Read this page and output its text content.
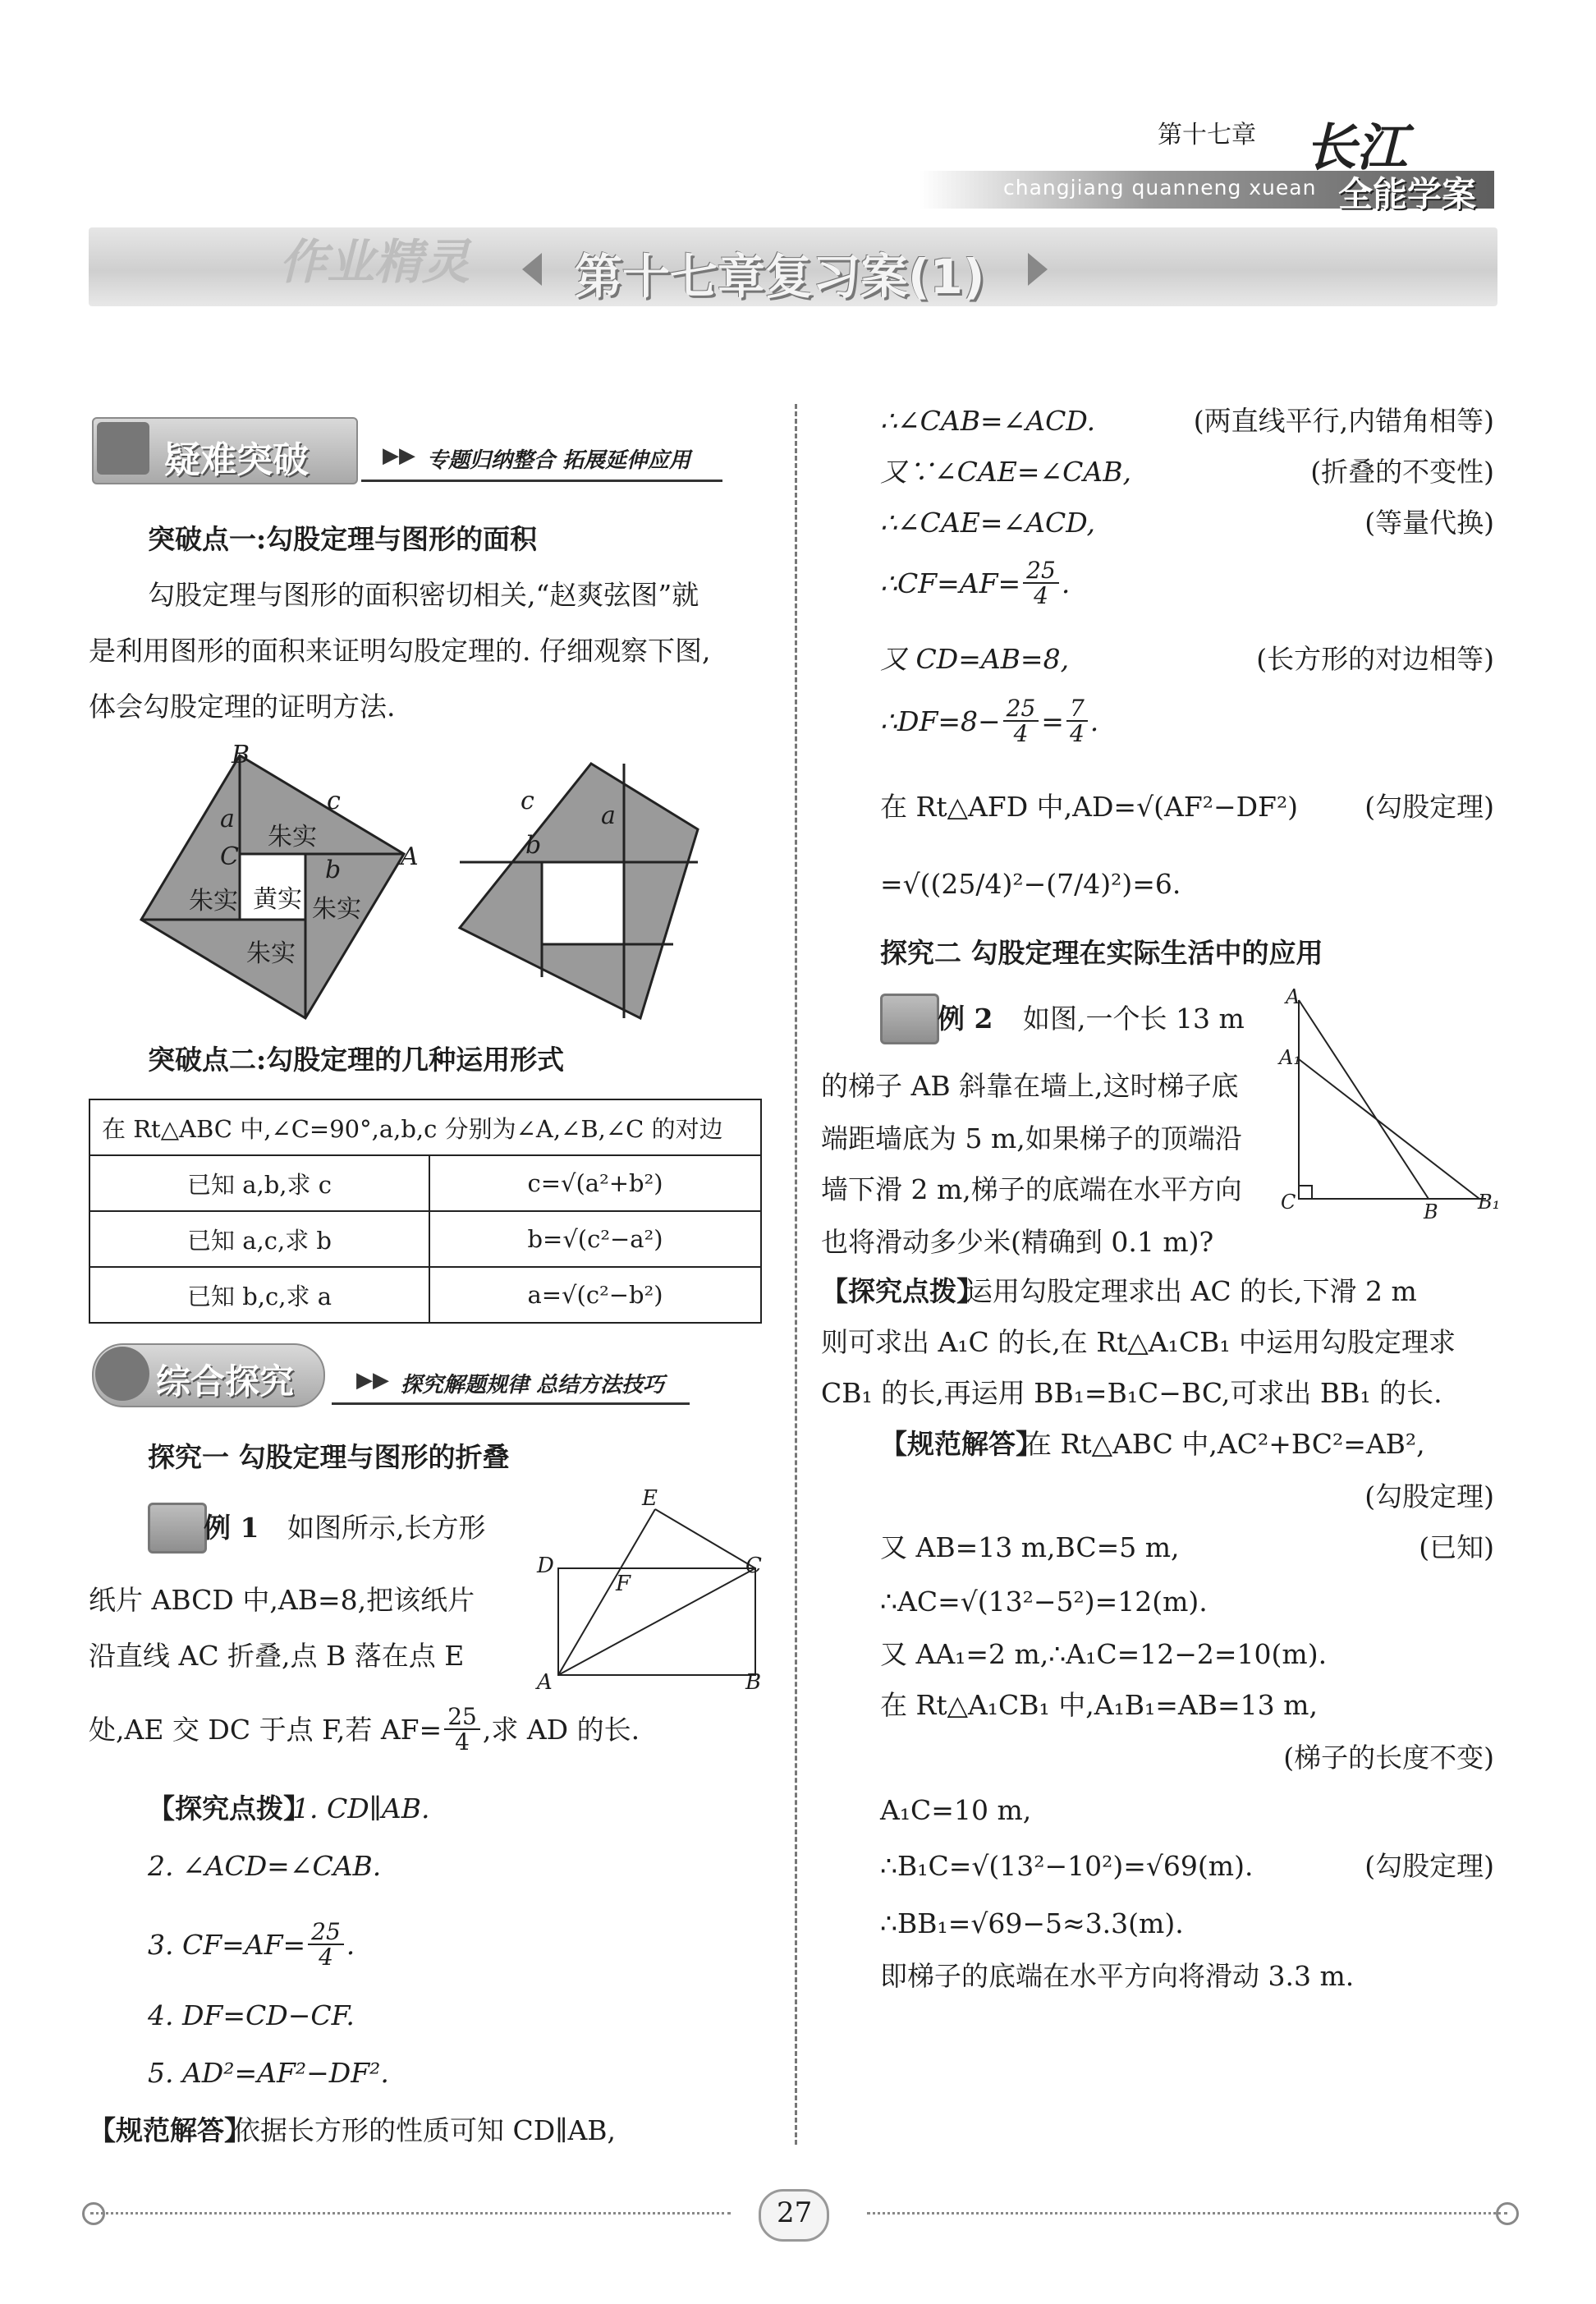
第十七章
changjiang quanneng xuean
长江
全能学案
作业精灵 第十七章复习案(1)
疑难突破	▶▶ 专题归纳整合 拓展延伸应用
突破点一:勾股定理与图形的面积
勾股定理与图形的面积密切相关,“赵爽弦图”就
是利用图形的面积来证明勾股定理的. 仔细观察下图,
体会勾股定理的证明方法.
B
A
C
a
b
c
朱实
朱实 黄实 朱实
朱实
c
a
b
突破点二:勾股定理的几种运用形式
在 Rt△ABC 中,∠C=90°,a,b,c 分别为∠A,∠B,∠C 的对边	
已知 a,b,求 c	c=√(a²+b²)
已知 a,c,求 b	b=√(c²−a²)
已知 b,c,求 a	a=√(c²−b²)
综合探究	▶▶ 探究解题规律 总结方法技巧
探究一 勾股定理与图形的折叠
例 1 如图所示,长方形
纸片 ABCD 中,AB=8,把该纸片
沿直线 AC 折叠,点 B 落在点 E
处,AE 交 DC 于点 F,若 $AF= \frac{25}{4}$ ,求 AD 的长.
E
D	C
F
A	B
【探究点拨】
1. CD∥AB.
2. ∠ACD=∠CAB.
3. $CF=AF= \frac{25}{4}$ .
4. DF=CD−CF.
5. AD²=AF²−DF².
【规范解答】
依据长方形的性质可知 CD∥AB,
∴∠CAB=∠ACD.	(两直线平行,内错角相等)
又∵∠CAE=∠CAB,	(折叠的不变性)
∴∠CAE=∠ACD,	(等量代换)
∴CF=AF= $\frac{25}{4}$ .
又 CD=AB=8,	(长方形的对边相等)
∴DF=8− $\frac{25}{4} = \frac{7}{4}$ .
在 Rt△AFD 中,AD=√(AF²−DF²) (勾股定理)
=√((25/4)²−(7/4)²)=6.
探究二 勾股定理在实际生活中的应用
例 2 如图,一个长 13 m
的梯子 AB 斜靠在墙上,这时梯子底
端距墙底为 5 m,如果梯子的顶端沿
墙下滑 2 m,梯子的底端在水平方向
也将滑动多少米(精确到 0.1 m)?
A
A₁
C	B B₁
【探究点拨】
运用勾股定理求出 AC 的长,下滑 2 m
则可求出 A₁C 的长,在 Rt△A₁CB₁ 中运用勾股定理求
CB₁ 的长,再运用 BB₁=B₁C−BC,可求出 BB₁ 的长.
【规范解答】
在 Rt△ABC 中,AC²+BC²=AB²,
(勾股定理)
又 AB=13 m,BC=5 m,	(已知)
∴AC=√(13²−5²)=12(m).
又 AA₁=2 m,∴A₁C=12−2=10(m).
在 Rt△A₁CB₁ 中,A₁B₁=AB=13 m,
(梯子的长度不变)
A₁C=10 m,
∴B₁C=√(13²−10²)=√69(m).	(勾股定理)
∴BB₁=√69−5≈3.3(m).
即梯子的底端在水平方向将滑动 3.3 m.
27
